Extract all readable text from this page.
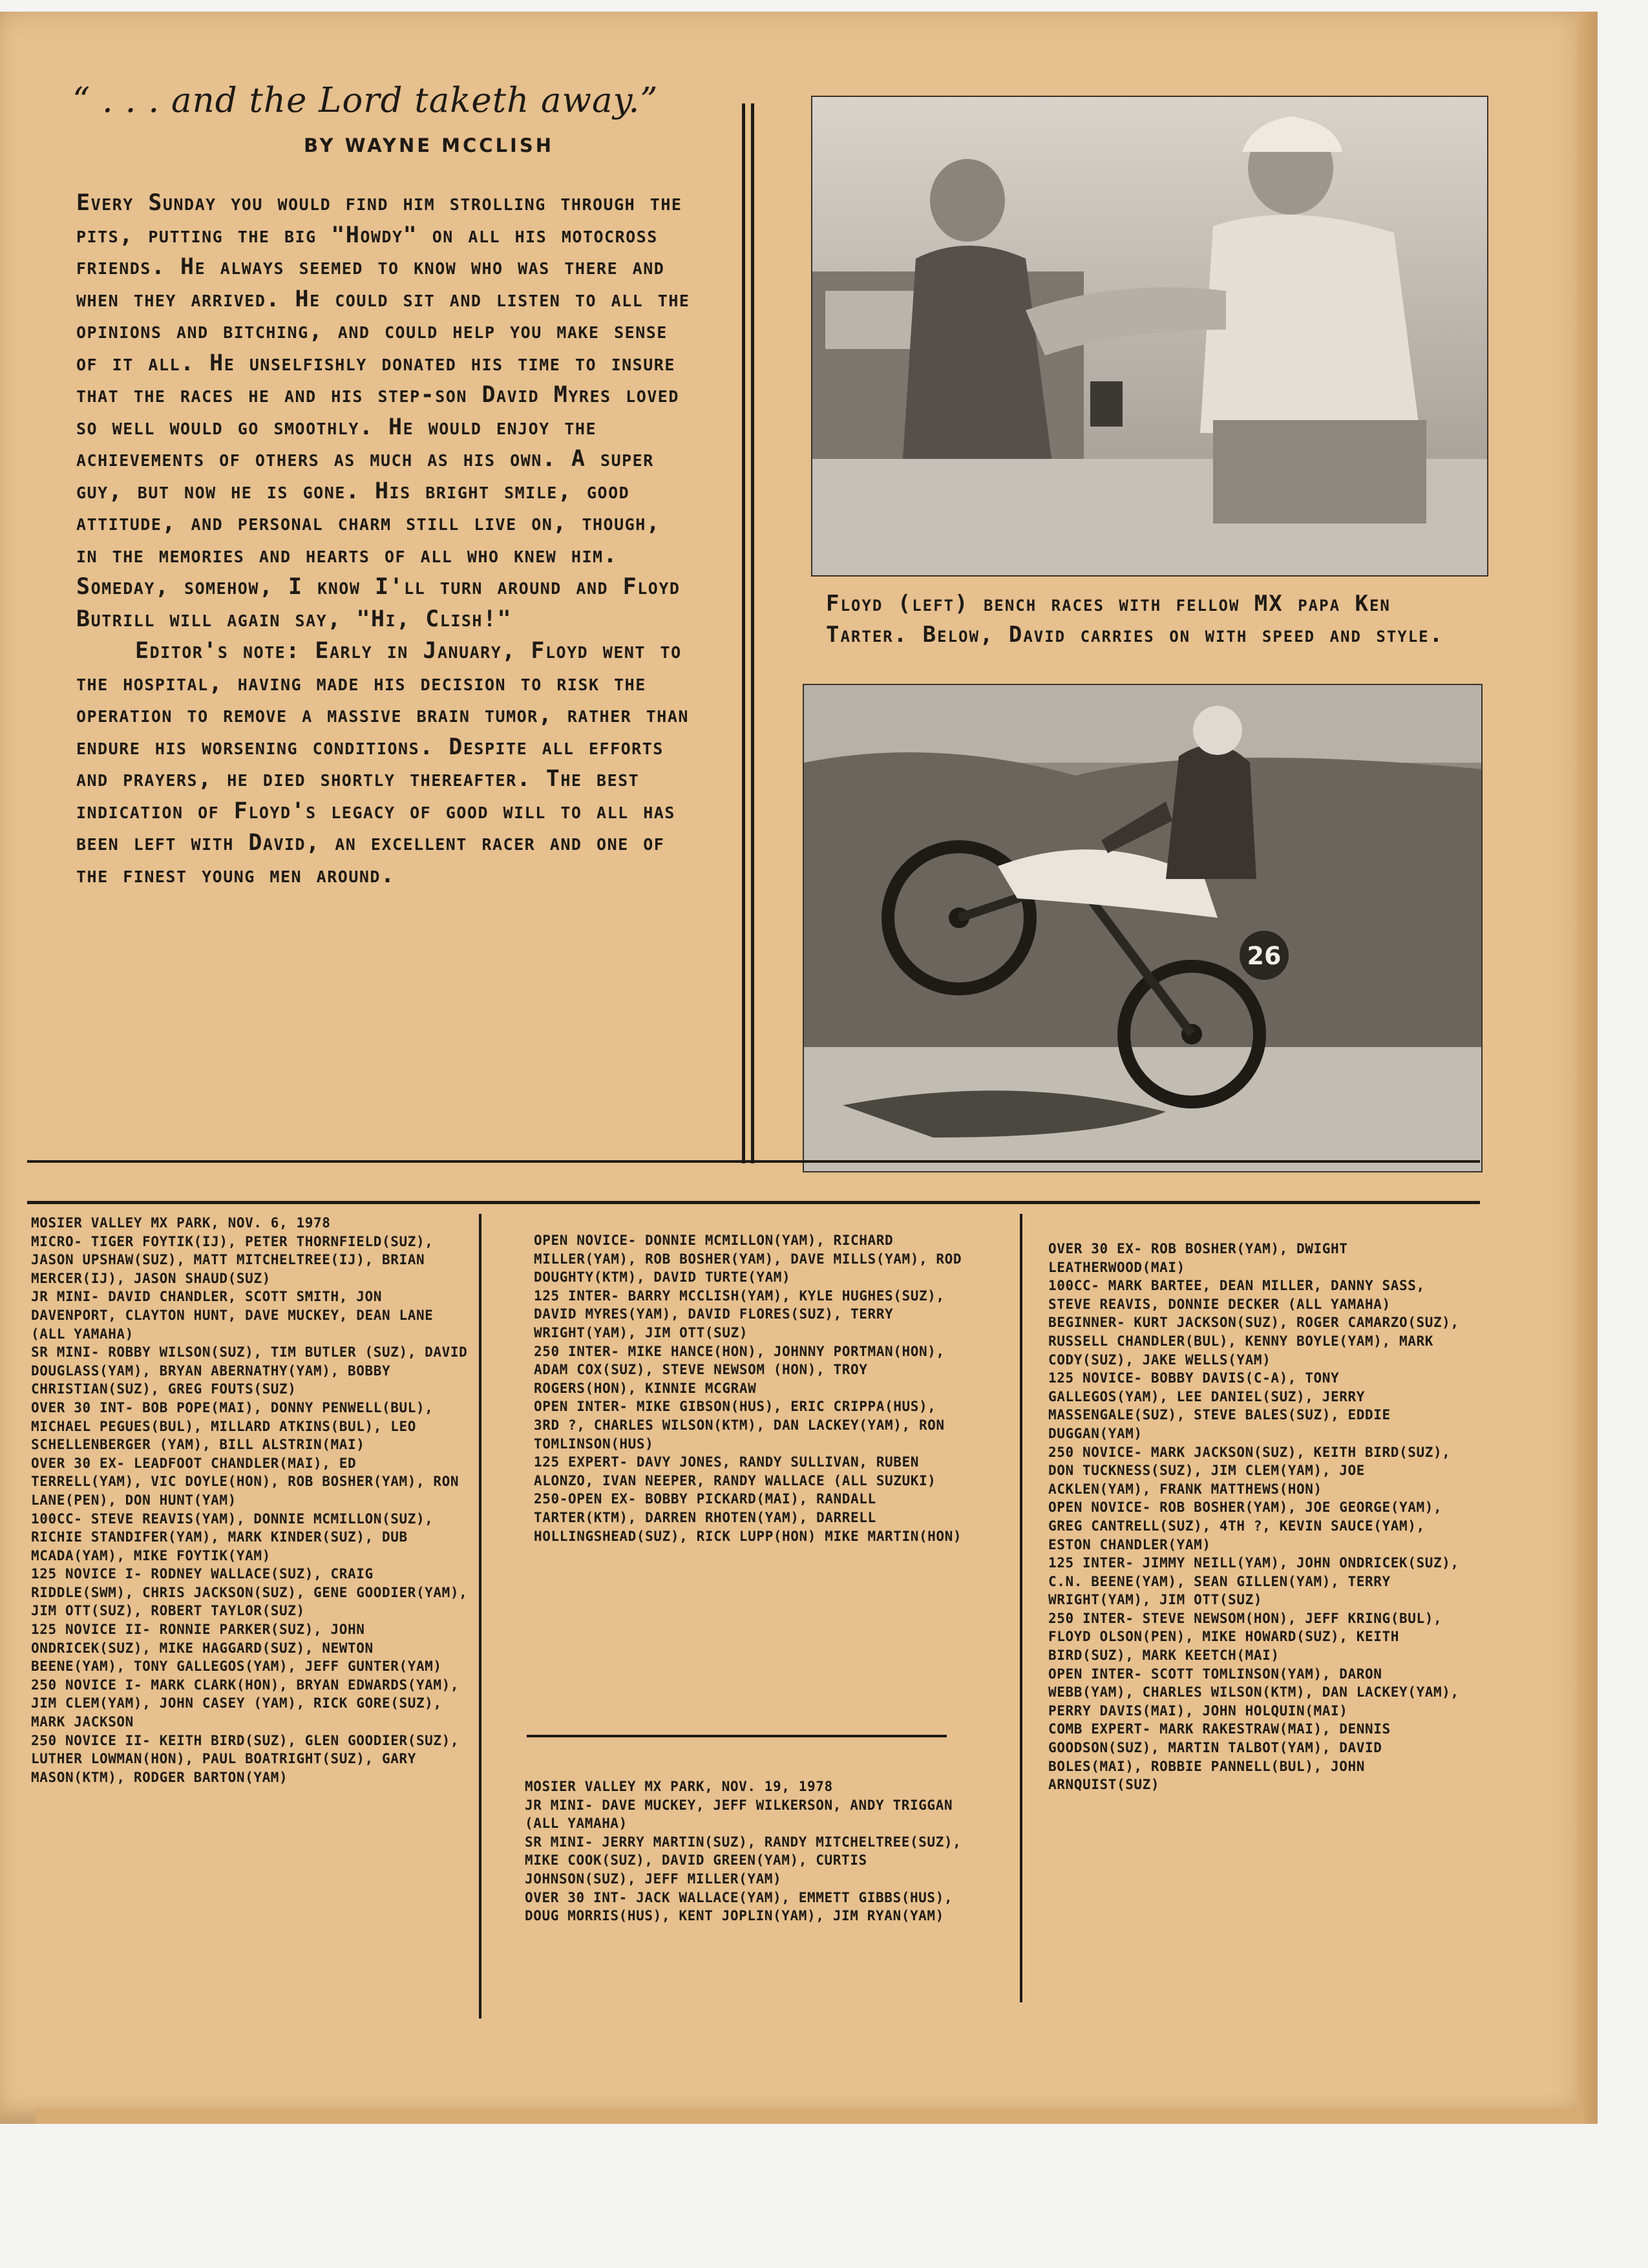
“ . . . and the Lord taketh away.”
BY WAYNE MCCLISH

Every Sunday you would find him strolling through the pits, putting the big "Howdy" on all his motocross friends. He always seemed to know who was there and when they arrived. He could sit and listen to all the opinions and bitching, and could help you make sense of it all. He unselfishly donated his time to insure that the races he and his step-son David Myres loved so well would go smoothly. He would enjoy the achievements of others as much as his own. A super guy, but now he is gone. His bright smile, good attitude, and personal charm still live on, though, in the memories and hearts of all who knew him. Someday, somehow, I know I'll turn around and Floyd Butrill will again say, "Hi, Clish!"

Editor's note: Early in January, Floyd went to the hospital, having made his decision to risk the operation to remove a massive brain tumor, rather than endure his worsening conditions. Despite all efforts and prayers, he died shortly thereafter. The best indication of Floyd's legacy of good will to all has been left with David, an excellent racer and one of the finest young men around.

Floyd (left) bench races with fellow MX papa Ken Tarter. Below, David carries on with speed and style.
26

MOSIER VALLEY MX PARK, NOV. 6, 1978

MICRO- TIGER FOYTIK(IJ), PETER THORNFIELD(SUZ), JASON UPSHAW(SUZ), MATT MITCHELTREE(IJ), BRIAN MERCER(IJ), JASON SHAUD(SUZ)

JR MINI- DAVID CHANDLER, SCOTT SMITH, JON DAVENPORT, CLAYTON HUNT, DAVE MUCKEY, DEAN LANE (ALL YAMAHA)

SR MINI- ROBBY WILSON(SUZ), TIM BUTLER (SUZ), DAVID DOUGLASS(YAM), BRYAN ABERNATHY(YAM), BOBBY CHRISTIAN(SUZ), GREG FOUTS(SUZ)

OVER 30 INT- BOB POPE(MAI), DONNY PENWELL(BUL), MICHAEL PEGUES(BUL), MILLARD ATKINS(BUL), LEO SCHELLENBERGER (YAM), BILL ALSTRIN(MAI)

OVER 30 EX- LEADFOOT CHANDLER(MAI), ED TERRELL(YAM), VIC DOYLE(HON), ROB BOSHER(YAM), RON LANE(PEN), DON HUNT(YAM)

100CC- STEVE REAVIS(YAM), DONNIE MCMILLON(SUZ), RICHIE STANDIFER(YAM), MARK KINDER(SUZ), DUB MCADA(YAM), MIKE FOYTIK(YAM)

125 NOVICE I- RODNEY WALLACE(SUZ), CRAIG RIDDLE(SWM), CHRIS JACKSON(SUZ), GENE GOODIER(YAM), JIM OTT(SUZ), ROBERT TAYLOR(SUZ)

125 NOVICE II- RONNIE PARKER(SUZ), JOHN ONDRICEK(SUZ), MIKE HAGGARD(SUZ), NEWTON BEENE(YAM), TONY GALLEGOS(YAM), JEFF GUNTER(YAM)

250 NOVICE I- MARK CLARK(HON), BRYAN EDWARDS(YAM), JIM CLEM(YAM), JOHN CASEY (YAM), RICK GORE(SUZ), MARK JACKSON

250 NOVICE II- KEITH BIRD(SUZ), GLEN GOODIER(SUZ), LUTHER LOWMAN(HON), PAUL BOATRIGHT(SUZ), GARY MASON(KTM), RODGER BARTON(YAM)

OPEN NOVICE- DONNIE MCMILLON(YAM), RICHARD MILLER(YAM), ROB BOSHER(YAM), DAVE MILLS(YAM), ROD DOUGHTY(KTM), DAVID TURTE(YAM)

125 INTER- BARRY MCCLISH(YAM), KYLE HUGHES(SUZ), DAVID MYRES(YAM), DAVID FLORES(SUZ), TERRY WRIGHT(YAM), JIM OTT(SUZ)

250 INTER- MIKE HANCE(HON), JOHNNY PORTMAN(HON), ADAM COX(SUZ), STEVE NEWSOM (HON), TROY ROGERS(HON), KINNIE MCGRAW

OPEN INTER- MIKE GIBSON(HUS), ERIC CRIPPA(HUS), 3RD ?, CHARLES WILSON(KTM), DAN LACKEY(YAM), RON TOMLINSON(HUS)

125 EXPERT- DAVY JONES, RANDY SULLIVAN, RUBEN ALONZO, IVAN NEEPER, RANDY WALLACE (ALL SUZUKI)

250-OPEN EX- BOBBY PICKARD(MAI), RANDALL TARTER(KTM), DARREN RHOTEN(YAM), DARRELL HOLLINGSHEAD(SUZ), RICK LUPP(HON) MIKE MARTIN(HON)

MOSIER VALLEY MX PARK, NOV. 19, 1978

JR MINI- DAVE MUCKEY, JEFF WILKERSON, ANDY TRIGGAN (ALL YAMAHA)

SR MINI- JERRY MARTIN(SUZ), RANDY MITCHELTREE(SUZ), MIKE COOK(SUZ), DAVID GREEN(YAM), CURTIS JOHNSON(SUZ), JEFF MILLER(YAM)

OVER 30 INT- JACK WALLACE(YAM), EMMETT GIBBS(HUS), DOUG MORRIS(HUS), KENT JOPLIN(YAM), JIM RYAN(YAM)

OVER 30 EX- ROB BOSHER(YAM), DWIGHT LEATHERWOOD(MAI)

100CC- MARK BARTEE, DEAN MILLER, DANNY SASS, STEVE REAVIS, DONNIE DECKER (ALL YAMAHA)

BEGINNER- KURT JACKSON(SUZ), ROGER CAMARZO(SUZ), RUSSELL CHANDLER(BUL), KENNY BOYLE(YAM), MARK CODY(SUZ), JAKE WELLS(YAM)

125 NOVICE- BOBBY DAVIS(C-A), TONY GALLEGOS(YAM), LEE DANIEL(SUZ), JERRY MASSENGALE(SUZ), STEVE BALES(SUZ), EDDIE DUGGAN(YAM)

250 NOVICE- MARK JACKSON(SUZ), KEITH BIRD(SUZ), DON TUCKNESS(SUZ), JIM CLEM(YAM), JOE ACKLEN(YAM), FRANK MATTHEWS(HON)

OPEN NOVICE- ROB BOSHER(YAM), JOE GEORGE(YAM), GREG CANTRELL(SUZ), 4TH ?, KEVIN SAUCE(YAM), ESTON CHANDLER(YAM)

125 INTER- JIMMY NEILL(YAM), JOHN ONDRICEK(SUZ), C.N. BEENE(YAM), SEAN GILLEN(YAM), TERRY WRIGHT(YAM), JIM OTT(SUZ)

250 INTER- STEVE NEWSOM(HON), JEFF KRING(BUL), FLOYD OLSON(PEN), MIKE HOWARD(SUZ), KEITH BIRD(SUZ), MARK KEETCH(MAI)

OPEN INTER- SCOTT TOMLINSON(YAM), DARON WEBB(YAM), CHARLES WILSON(KTM), DAN LACKEY(YAM), PERRY DAVIS(MAI), JOHN HOLQUIN(MAI)

COMB EXPERT- MARK RAKESTRAW(MAI), DENNIS GOODSON(SUZ), MARTIN TALBOT(YAM), DAVID BOLES(MAI), ROBBIE PANNELL(BUL), JOHN ARNQUIST(SUZ)
